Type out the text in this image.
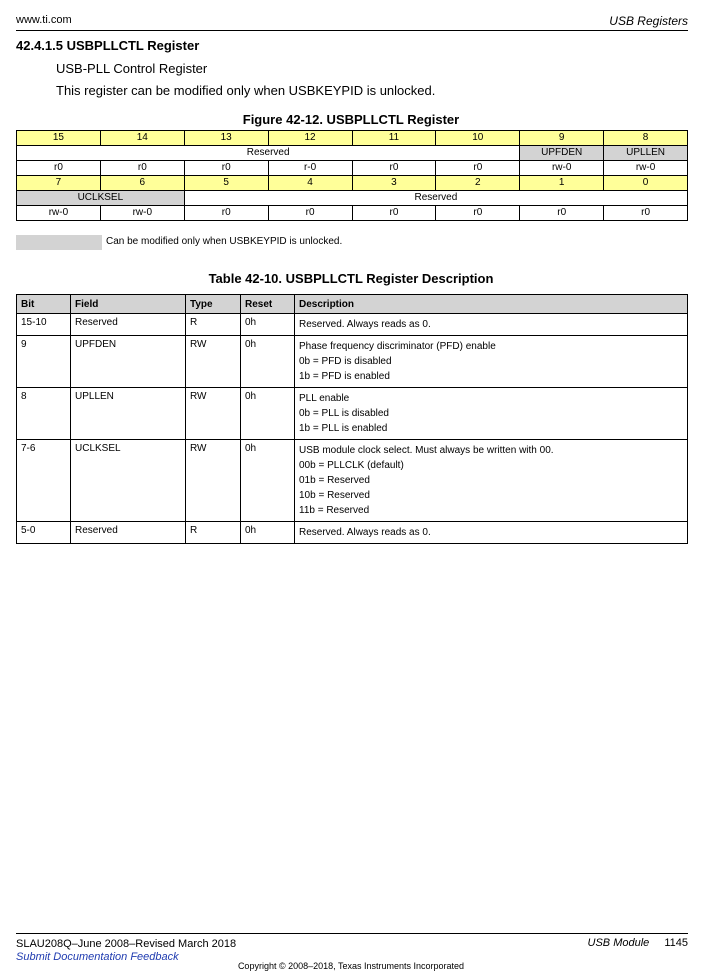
www.ti.com	USB Registers
42.4.1.5 USBPLLCTL Register
USB-PLL Control Register
This register can be modified only when USBKEYPID is unlocked.
Figure 42-12. USBPLLCTL Register
15	14	13	12	11	10	9	8
Reserved						UPFDEN	UPLLEN
r0	r0	r0	r-0	r0	r0	rw-0	rw-0
7	6	5	4	3	2	1	0
UCLKSEL		Reserved					
rw-0	rw-0	r0	r0	r0	r0	r0	r0
Can be modified only when USBKEYPID is unlocked.
Table 42-10. USBPLLCTL Register Description
Bit	Field	Type	Reset	Description
15-10	Reserved	R	0h	Reserved. Always reads as 0.

9	UPFDEN	RW	0h	Phase frequency discriminator (PFD) enable
0b = PFD is disabled
1b = PFD is enabled

8	UPLLEN	RW	0h	PLL enable
0b = PLL is disabled
1b = PLL is enabled

7-6	UCLKSEL	RW	0h	USB module clock select. Must always be written with 00.
00b = PLLCLK (default)
01b = Reserved
10b = Reserved
11b = Reserved

5-0	Reserved	R	0h	Reserved. Always reads as 0.
SLAU208Q–June 2008–Revised March 2018
Submit Documentation Feedback
USB Module 1145
Copyright © 2008–2018, Texas Instruments Incorporated
